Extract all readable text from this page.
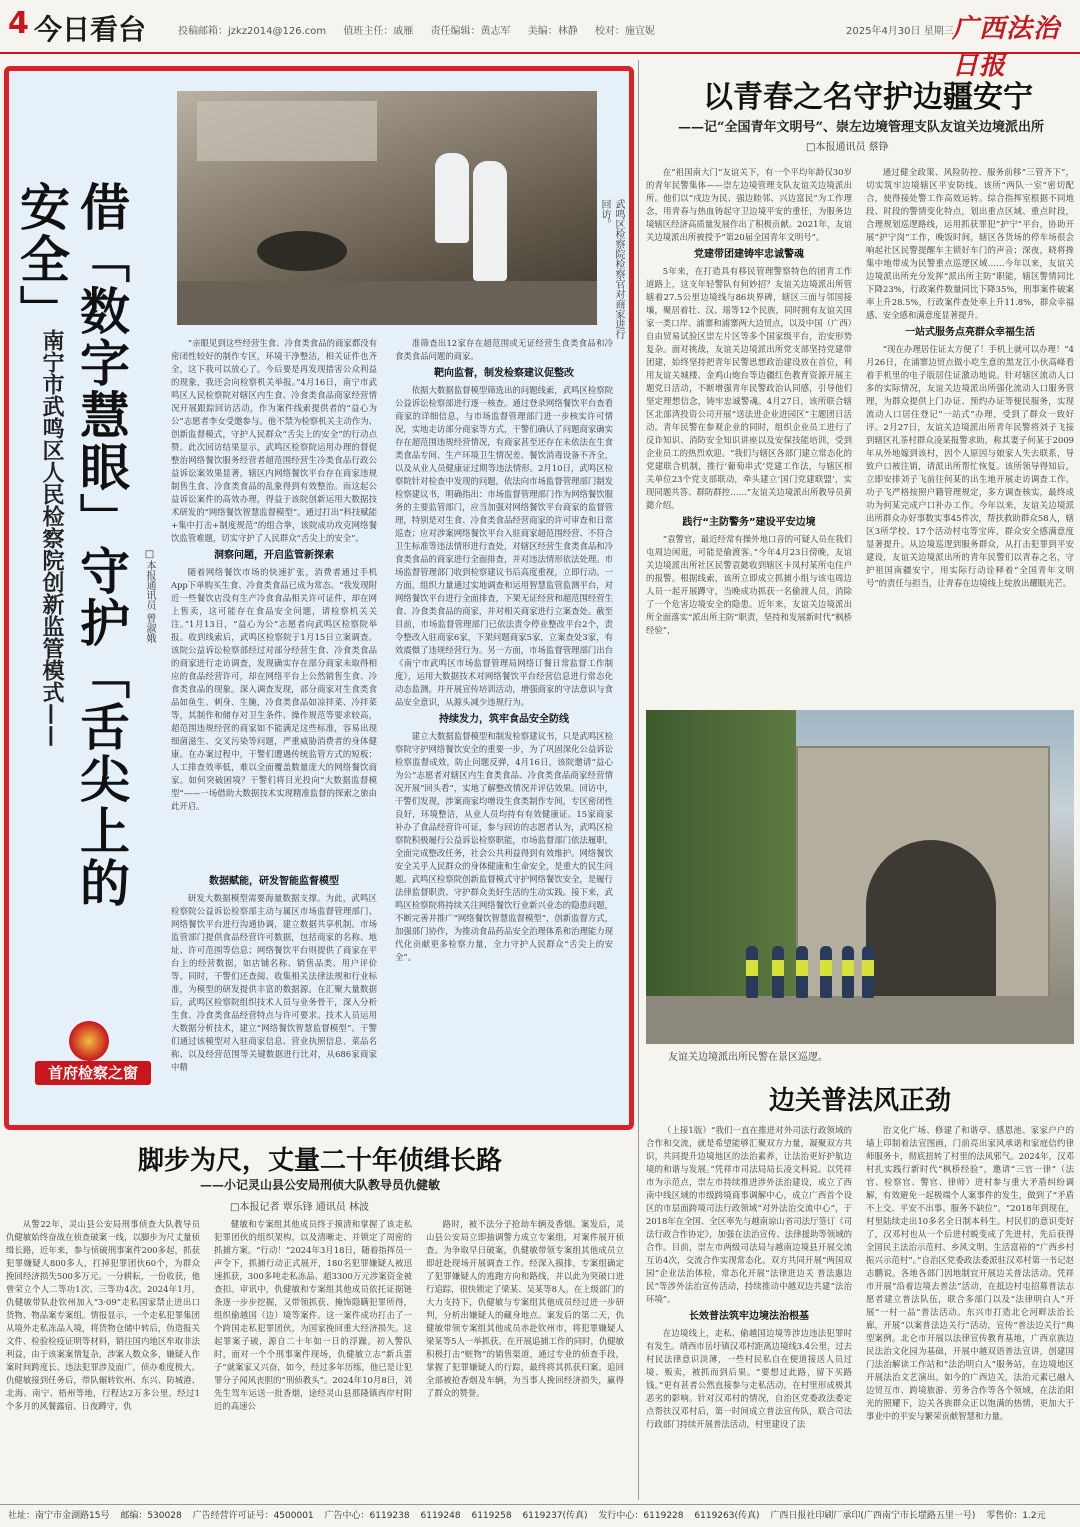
4 今日看台	投稿邮箱：jzkz2014@126.com 值班主任：戚雁 责任编辑：黄志军 美编：林静 校对：施宜妮	2025年4月30日 星期三
广西法治日报
武鸣区检察院检察官对商家进行回访。
借「数字慧眼」守护「舌尖上的安全」
南宁市武鸣区人民检察院创新监管模式——	□本报通讯员 曾淑娥

“亲眼见到这些经营生食、冷食类食品的商家都没有密闭性较好的制作专区，环境干净整洁，相关证件也齐全，这下我可以放心了。今后要是再发现措害公众利益的现象，我还会向检察机关举报。”4月16日，南宁市武鸣区人民检察院对辖区内生食、冷食类食品商家经营情况开展跟踪回访活动，作为案件线索提供者的“益心为公”志愿者李女受邀参与。他不禁为检察机关主动作为、创新监督模式，守护人民群众“舌尖上的安全”的行动点赞。此次回访结果显示，武鸣区检察院运用办理的督促整治网络餐饮服务经营者超范围经营生冷类食品行政公益诉讼案效果显著，辖区内网络餐饮平台存在商家违规制售生食、冷食类食品的乱象得到有效整治。而这起公益诉讼案件的高效办理，得益于该院创新运用大数据技术研发的“网络餐饮智慧监督模型”。通过打出“科技赋能+集中打击+制度规范”的组合拳，该院成功攻克网络餐饮监管难题，切实守护了人民群众“舌尖上的安全”。

洞察问题，开启监管新探索

随着网络餐饮市场的快速扩张，消费者通过手机App下单购买生食、冷食类食品已成为常态。“我发现附近一些餐饮店没有生产冷食食品相关许可证件，却在网上售卖，这可能存在食品安全问题，请检察机关关注。”1月13日，“益心为公”志愿者向武鸣区检察院举报。收到线索后，武鸣区检察院于1月15日立案调查。该院公益诉讼检察部经过对部分经营生食、冷食类食品的商家进行走访调查，发现确实存在部分商家未取得相应的食品经营许可，却在网络平台上公然销售生食、冷食类食品的现象。深入调查发现，部分商家对生食类食品如鱼生、刺身、生腌，冷食类食品如凉拌菜、冷拌菜等，其制作和储存对卫生条件、操作规范等要求较高，超范围违规经营的商家如不能满足这些标准，容易出现细菌滋生、交叉污染等问题，严重威胁消费者的身体健康。在办案过程中，干警们遭遇传统监管方式的短板：人工排查效率低，难以全面覆盖数量庞大的网络餐饮商家。如何突破困境？干警们将目光投向“大数据监督模型”——一场借助大数据技术实现精准监督的探索之旅由此开启。

数据赋能，研发智能监督模型

研发大数据模型需要海量数据支撑。为此，武鸣区检察院公益诉讼检察部主动与属区市场监督管理部门、网络餐饮平台进行沟通协调，建立数据共享机制。市场监管部门提供食品经营许可数据，包括商家的名称、地址、许可范围等信息；网络餐饮平台则提供了商家在平台上的经营数据，如店铺名称、销售品类、用户评价等。同时，干警们还查阅、收集相关法律法规和行业标准，为模型的研发提供丰富的数据源。在汇聚大量数据后，武鸣区检察院组织技术人员与业务骨干，深入分析生食、冷食类食品经营特点与许可要求。技术人员运用大数据分析技术，建立“网络餐饮智慧监督模型”。干警们通过该模型对入驻商家信息、营业执照信息、菜品名称、以及经营范围等关键数据进行比对，从686家商家中精

准筛查出12家存在超范围或无证经营生食类食品和冷食类食品问题的商家。

靶向监督，制发检察建议促整改

依据大数据监督模型筛选出的问题线索，武鸣区检察院公益诉讼检察部进行逐一核查。通过登录网络餐饮平台查看商家的详细信息，与市场监督管理部门进一步核实许可情况，实地走访部分商家等方式，干警们确认了问题商家确实存在超范围违规经营情况，有商家甚至还存在未依法在生食类食品专间、生产环境卫生情况差、餐饮消毒设备不齐全，以及从业人员健康证过期等违法情形。2月10日，武鸣区检察院针对检查中发现的问题，依法向市场监督管理部门制发检察建议书，明确指出：市场监督管理部门作为网络餐饮服务的主要监管部门，应当加强对网络餐饮平台商家的监督管理，特别是对生食、冷食类食品经营商家的许可审查和日常巡查；应对涉案网络餐饮平台入驻商家超范围经营、不符合卫生标准等违法情形进行查处，对辖区经营生食类食品和冷食类食品的商家进行全面排查，并对违法情形依法处理。市场监督管理部门收到检察建议书后高度重视，立即行动。一方面，组织力量通过实地调查和运用智慧监管监测平台，对网络餐饮平台进行全面排查，下架无证经营和超范围经营生食、冷食类食品的商家，并对相关商家进行立案查处。截至目前，市场监督管理部门已依法责令停业整改平台2个，责令整改入驻商家6家，下架问题商家5家，立案查处3家，有效震慑了违规经营行为。另一方面，市场监督管理部门出台《南宁市武鸣区市场监督管理局网络订餐日常监督工作制度》，运用大数据技术对网络餐饮平台经营信息进行常态化动态监测。并开展宣传培训活动，增强商家的守法意识与食品安全意识，从源头减少违规行为。

持续发力，筑牢食品安全防线

建立大数据监督模型和制发检察建议书，只是武鸣区检察院守护网络餐饮安全的重要一步，为了巩固深化公益诉讼检察监督成效，防止问题反弹，4月16日，该院邀请“益心为公”志愿者对辖区内生食类食品、冷食类食品商家经营情况开展“回头看”，实地了解整改情况并评估效果。回访中，干警们发现，涉案商家均增设生食类制作专间，专区密闭性良好，环境整洁，从业人员均持有有效健康证。15家商家补办了食品经营许可证，参与回访的志愿者认为，武鸣区检察院积极履行公益诉讼检察职能，市场监督部门依法履职，全面完成整改任务，社会公共利益得到有效维护。网络餐饮安全关乎人民群众的身体健康和生命安全，是重大的民生问题。武鸣区检察院创新监督模式守护网络餐饮安全，是履行法律监督职责、守护群众美好生活的生动实践。接下来，武鸣区检察院将持续关注网络餐饮行业新兴业态的隐患问题，不断完善并推广“网络餐饮智慧监督模型”，创新监督方式，加强部门协作，为推动食品药品安全治理体系和治理能力现代化贡献更多检察力量，全力守护人民群众“舌尖上的安全”。

首府检察之窗
以青春之名守护边疆安宁
——记“全国青年文明号”、崇左边境管理支队友谊关边境派出所
□本报通讯员 蔡铮

在“祖国南大门”友谊关下，有一个平均年龄仅30岁的青年民警集体——崇左边境管理支队友谊关边境派出所。他们以“戍边为民、强边睦邻、兴边富民”为工作理念，用青春与热血铸起守卫边境平安的重任，为服务边境辖区经济高质量发展作出了积极贡献。2021年，友谊关边境派出所被授予“第20届全国青年文明号”。

党建带团建铸牢忠诚警魂

5年来，在打造具有移民管理警察特色的团青工作道路上，这支年轻警队有何妙招？友谊关边境派出所管辖着27.5公里边境线与86块界碑，辖区三面与邻国接壤，聚居着壮、汉、瑶等12个民族，同时拥有友谊关国家一类口岸、浦寨和浦寨两大边贸点，以及中国（广西）自由贸易试验区崇左片区等多个国家级平台，治安形势复杂。面对挑战，友谊关边境派出所党支部坚持党建带团建，始终坚持把青年民警思想政治建设放在首位，利用友谊关城楼、金鸡山炮台等边疆红色教育资源开展主题党日活动，不断增强青年民警政治认同感，引导他们坚定理想信念，铸牢忠诚警魂。4月27日，该所联合辖区北部湾投资公司开展“送法进企业进园区”主题团日活动。青年民警在参观企业的同时，组织企业员工进行了反诈知识、消防安全知识讲座以及安保技能培训，受到企业员工的热烈欢迎。“我们与辖区各部门建立常态化的党建联合机制，推行‘葡萄串式’党建工作法，与辖区相关单位23个党支部联动，牵头建立‘国门党建联盟’，实现同题共答、群防群控……”友谊关边境派出所教导员黄懿介绍。

践行“主防警务”建设平安边境

“袁警官，最近经常有操外地口音的可疑人员在我们屯周边闲逛，可能是偷渡客。”今年4月23日傍晚，友谊关边境派出所社区民警袁懿收到辖区卡凤村某所屯住户的报警。根据线索，该所立即成立抓捕小组与该屯周边人员一起开展蹲守，当晚成功抓获一名偷渡人员，消除了一个危害边境安全的隐患。近年来，友谊关边境派出所全面落实“派出所主防”职责，坚持和发展新时代“枫桥经验”，

通过健全政策、风险防控、服务前移“三管齐下”，切实筑牢边境辖区平安防线。该所“两队一室”密切配合，使得接处警工作高效运转。综合指挥室根据不同地段、时段的警情变化特点，划出重点区域、重点时段，合理规划巡逻路线，运用抓获罪犯“护宁”平台，协助开展“护宁岗”工作，晚饭时间，辖区各货场的停车场很会响起社区民警提醒车主锁好车门的声音；深夜，晓将搀集中地带成为民警重点巡逻区域……今年以来，友谊关边境派出所充分发挥“派出所主防”职能，辖区警情同比下降23%，行政案件数量同比下降35%，刑事案件破案率上升28.5%，行政案件查处率上升11.8%，群众幸福感、安全感和满意度显著提升。

一站式服务点亮群众幸福生活

“现在办理居住证太方便了！手机上就可以办理！”4月26日，在浦寨边贸点做小吃生意的黑龙江小伙高峰看着手机里的电子版居住证激动地说。针对辖区流动人口多的实际情况，友谊关边境派出所强化流动人口服务管理，为群众提供上门办证、预约办证等便民服务，实现流动人口居住登记“一站式”办理，受到了群众一致好评。2月27日，友谊关边境派出所青年民警将刘子飞接到辖区礼茶村群众凌某报警求助，称其妻子何某于2009年从外地嫁到该村，因个人原因与娘家人失去联系，导致户口被注销，请派出所帮忙恢复。该所领导得知后，立即安排刘子飞前往何某的出生地开展走访调查工作。功子飞严格按照户籍管理规定，多方调查核实，最终成功为何某完成户口补办工作。今年以来，友谊关边境派出所群众办好事数实事45件次，帮扶救助群众58人，辖区3所学校、17个活动村屯等宝库，群众安全感满意度显著提升。从边境巡逻到服务群众，从打击犯罪到平安建设，友谊关边境派出所的青年民警们以青春之名，守护祖国南疆安宁，用实际行动诠释着“全国青年文明号”的责任与担当，让青春在边境线上绽放出耀眼光芒。

友谊关边境派出所民警在景区巡逻。
边关普法风正劲

（上接1版）“我们一直在推进对外司法行政领域的合作和交流，就是希望能够汇聚双方力量，凝聚双方共识，共同提升边境地区的法治素养，让法治更好护航边境的和谐与发展。”凭祥市司法局局长凌文科说。以凭祥市为示范点，崇左市持续推进涉外法治建设，成立了西南中线区域的市级跨境商事调解中心，成立广西首个设区的市层面跨境司法行政领域“对外法治交流中心”，于2018年在全国、全区率先与越南谅山省司法厅签订《司法行政合作协定》，加强在法治宣传、法律援助等领域的合作。目前，崇左市两级司法局与越南边境县开展交流互访4次，交流合作实现常态化。双方共同开展“两国双园”企业法治体检，常态化开展“法律进边关 普法惠边民”等涉外法治宣传活动，持续推动中越双边共建“法治环境”。

长效普法筑牢边境法治根基

在边境线上，走私、偷越国边境等涉边违法犯罪时有发生。靖西市岳圩镇汉邓村距离边境线3.4公里，过去村民法律意识淡薄，一些村民私自在便道接送人员过境、贩卖，被抓而到后果。“要想过此路，留下买路钱。”更有甚者公然直接参与走私活动，在村里形成极其恶劣的影响。针对汉邓村的情况，自治区党委政法委定点帮扶汉邓村后，第一时间成立普法宣传队，联合司法行政部门持续开展普法活动，村里建设了法

治文化广场、修建了和谐亭、感恩池、家家户户的墙上印制着法宣图画，门前亮出家风承诺和家庭信约律师服务卡，彻底扭转了村里的法风邪气。2024年，汉邓村扎实践行新时代“枫桥经验”，邀请“三官一律”（法官、检察官、警官、律师）进村参与重大矛盾纠纷调解，有效避免一起极端个人案事件的发生，做到了“矛盾不上交、平安不出事、服务不缺位”。“2018年到现在，村里陆续走出10多名全日制本科生。村民们的意识变好了，汉邓村也从一个后进村蜕变成了先进村，先后获得全国民主法治示范村、乡风文明、生活富裕的“广西乡村振兴示范村”。”自治区党委政法委派驻汉邓村第一书记赵志鹏说。各地各部门因地制宜开展边关普法活动。凭祥市开展“沿着边境去普法”活动，在抵边村屯招募普法志愿者建立普法队伍，联合多部门以及“法律明白人”开展“一村一品”普法活动。东兴市打造北仑河畔法治长廊，开展“以案普法边关行”活动，宣传“普法边关行”典型案例。北仑市开展以法律宣传教育基地，广西京族边民法治文化园为基础，开展中越双语普法宣讲，创建国门法治解读工作站和“法治明白人”服务站，在边境地区开展法治文艺演出。如今的广西边关，法治元素已融入边贸互市、跨境旅游、劳务合作等各个领域，在法治阳光的照耀下，边关各族群众正以饱满的热情，更加大干事业中的平安与繁荣贡献智慧和力量。

脚步为尺，丈量二十年侦缉长路
——小记灵山县公安局刑侦大队教导员仇健敏
□本报记者 覃乐锋 通讯员 林波

从警22年，灵山县公安局刑事侦查大队教导员仇健敏始终奋战在侦查破案一线，以脚步为尺丈量侦缉长路，近年来，参与侦破刑事案件200多起，抓获犯罪嫌疑人800多人，打掉犯罪团伙60个，为群众挽回经济损失500多万元。一分耕耘，一份收获，他曾荣立个人二等功1次、三等功4次。2024年1月，仇健敏带队赴钦州加入“3·09”走私国家禁止进出口货物、物品案专案组。情报显示，一个走私犯罪集团从境外走私冻品入境，将货物仓储中转后，伪造报关文件、检验检疫证明等材料，销往国内地区牟取非法利益，由于该案案情复杂，涉案人数众多，嫌疑人作案时间跨度长、违法犯罪涉及面广，侦办难度极大。仇健敏接到任务后，带队辗转钦州、东兴、防城港、北海、南宁、梧州等地，行程达2万多公里。经过1个多月的风餐露宿、日夜蹲守，仇

健敏和专案组其他成员终于摸清和掌握了该走私犯罪团伙的组织架构，以及清晰走、并锁定了周密的抓捕方案。“行动！”2024年3月18日，随着指挥员一声令下，抓捕行动正式展开，180名犯罪嫌疑人被迅速抓获，300多吨走私冻品、超3300万元涉案资金被查扣。审讯中，仇健敏和专案组其他成员依托证据链条逐一步步挖掘，又带领抓获、掩饰隐瞒犯罪所得，组织偷越国（边）境等案件。这一案件成功打击了一个跨国走私犯罪团伙，为国家挽回重大经济损失。这起罪案子破，源自二十年如一日的浮躁。初入警队时，面对一个个刑事案件现场，仇健敏立志“新兵蛋子”就案家又兴奋，如今，经过多年历练，他已是让犯罪分子闻风丧胆的“刑侦教头”。2024年10月8日，刘先生驾车运送一批香烟，途经灵山县那隆镇西岸村附近的高速公

路时，被不法分子抢劫车辆及香烟。案发后，灵山县公安局立即抽调警力成立专案组，对案件展开侦查。为争取早日破案，仇健敏带领专案组其他成员立即赶赴现场开展调查工作。经深入摸排，专案组确定了犯罪嫌疑人的逃跑方向和路线，并以此为突破口进行追踪，很快锁定了梁某、吴某等8人。在上级部门的大力支持下，仇健敏与专案组其他成员经过进一步研判，分析出嫌疑人的藏身地点。案发后的第二天，仇健敏带领专案组其他成员赤赴钦州市，将犯罪嫌疑人梁某等5人一举抓获。在开展追捕工作的同时，仇健敏积极打击“赃物”的销售渠道，通过专业的侦查手段，掌握了犯罪嫌疑人的行踪，最终将其抓获归案。追回全部被抢香烟及车辆，为当事人挽回经济损失，赢得了群众的赞誉。

社址：南宁市金湖路15号 邮编：530028 广告经营许可证号：4500001 广告中心：6119238 6119248 6119258 6119237(传真) 发行中心：6119228 6119263(传真) 广西日报社印刷厂承印(广西南宁市长堽路五里一号) 零售价：1.2元
